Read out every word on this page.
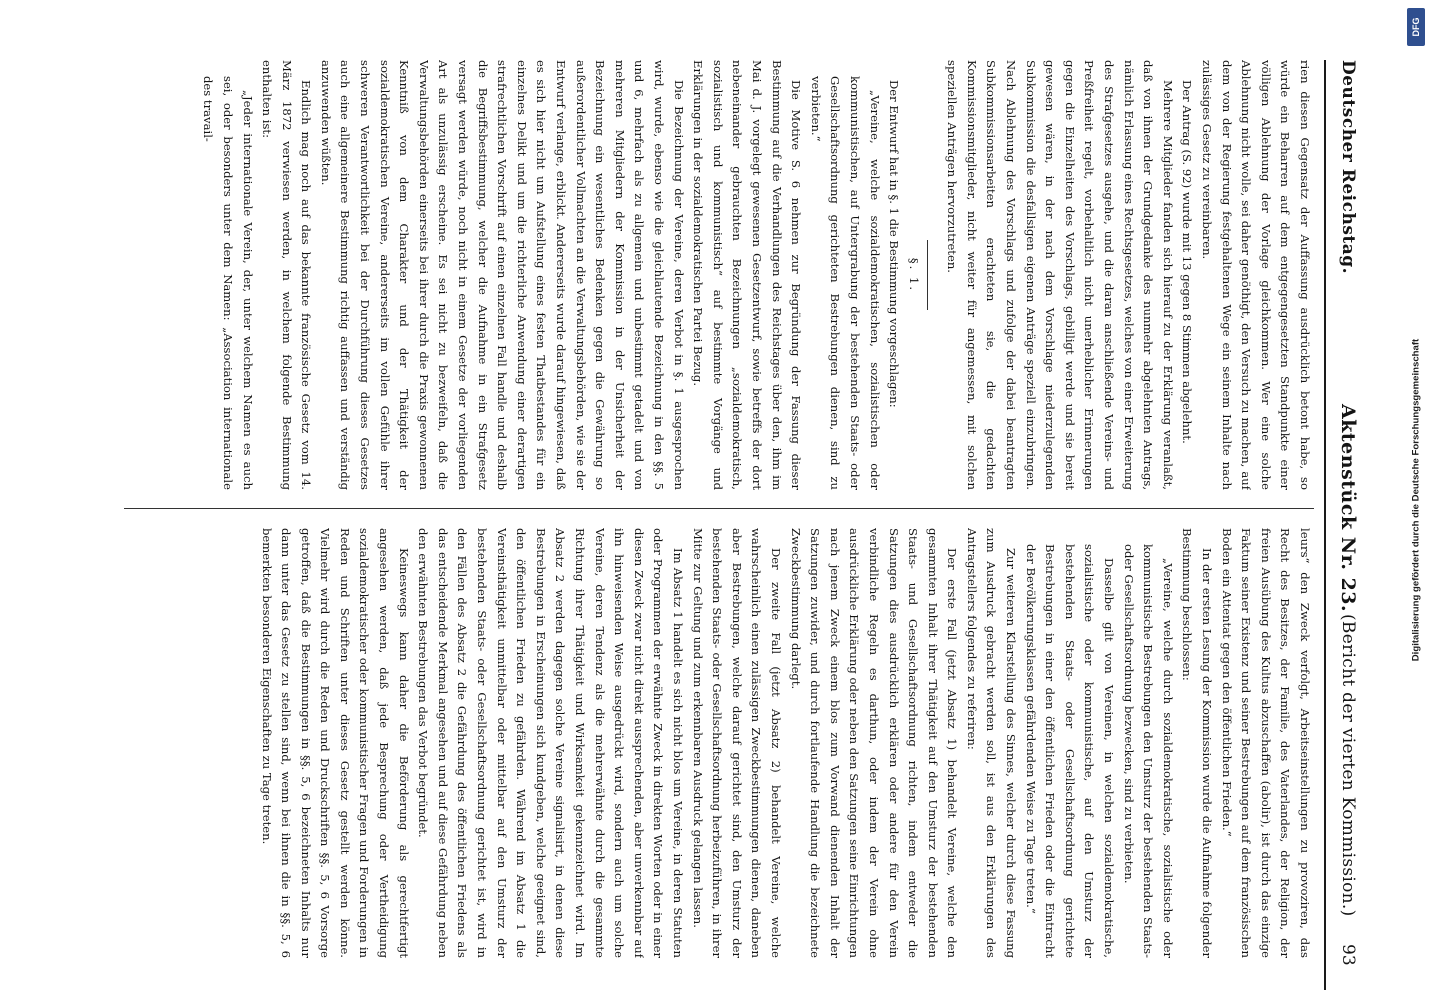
Deutscher Reichstag.
Aktenstück Nr. 23.
(Bericht der vierten Kommission.)
93

rien diesen Gegensatz der Auffassung ausdrücklich betont habe, so würde ein Beharren auf dem entgegengesetzten Standpunkte einer völligen Ablehnung der Vorlage gleichkommen. Wer eine solche Ablehnung nicht wolle, sei daher genöthigt, den Versuch zu machen, auf dem von der Regierung festgehaltenen Wege ein seinem Inhalte nach zulässiges Gesetz zu vereinbaren.

Der Antrag (S. 92) wurde mit 13 gegen 8 Stimmen abgelehnt.

Mehrere Mitglieder fanden sich hierauf zu der Erklärung veranlaßt, daß von ihnen der Grundgedanke des nunmehr abgelehnten Antrags, nämlich Erlassung eines Rechtsgesetzes, welches von einer Erweiterung des Strafgesetzes ausgehe, und die daran anschließende Vereins- und Preßfreiheit regelt, vorbehaltlich nicht unerheblicher Erinnerungen gegen die Einzelheiten des Vorschlags, gebilligt werde und sie bereit gewesen wären, in der nach dem Vorschlage niederzulegenden Subkommission die desfallsigen eigenen Anträge speziell einzubringen. Nach Ablehnung des Vorschlags und zufolge der dabei beantragten Subkommissionsarbeiten erachteten sie, die gedachten Kommissionsmitglieder, nicht weiter für angemessen, mit solchen speziellen Anträgen hervorzutreten.

§. 1.

Der Entwurf hat in §. 1 die Bestimmung vorgeschlagen:

„Vereine, welche sozialdemokratischen, sozialistischen oder kommunistischen, auf Untergrabung der bestehenden Staats- oder Gesellschaftsordnung gerichteten Bestrebungen dienen, sind zu verbieten.“

Die Motive S. 6 nehmen zur Begründung der Fassung dieser Bestimmung auf die Verhandlungen des Reichstages über den, ihm im Mai d. J. vorgelegt gewesenen Gesetzentwurf, sowie betreffs der dort nebeneinander gebrauchten Bezeichnungen „sozialdemokratisch, sozialistisch und kommunistisch“ auf bestimmte Vorgänge und Erklärungen in der sozialdemokratischen Partei Bezug.

Die Bezeichnung der Vereine, deren Verbot in §. 1 ausgesprochen wird, wurde, ebenso wie die gleichlautende Bezeichnung in den §§. 5 und 6, mehrfach als zu allgemein und unbestimmt getadelt und von mehreren Mitgliedern der Kommission in der Unsicherheit der Bezeichnung ein wesentliches Bedenken gegen die Gewährung so außerordentlicher Vollmachten an die Verwaltungsbehörden, wie sie der Entwurf verlange, erblickt. Andererseits wurde darauf hingewiesen, daß es sich hier nicht um Aufstellung eines festen Thatbestandes für ein einzelnes Delikt und um die richterliche Anwendung einer derartigen strafrechtlichen Vorschrift auf einen einzelnen Fall handle und deshalb die Begriffsbestimmung, welcher die Aufnahme in ein Strafgesetz versagt werden würde, noch nicht in einem Gesetze der vorliegenden Art als unzulässig erscheine. Es sei nicht zu bezweifeln, daß die Verwaltungsbehörden einerseits bei ihrer durch die Praxis gewonnenen Kenntniß von dem Charakter und der Thätigkeit der sozialdemokratischen Vereine, andererseits im vollen Gefühle ihrer schweren Verantwortlichkeit bei der Durchführung dieses Gesetzes auch eine allgemeinere Bestimmung richtig auffassen und verständig anzuwenden wüßten.

Endlich mag noch auf das bekannte französische Gesetz vom 14. März 1872 verwiesen werden, in welchem folgende Bestimmung enthalten ist:

„Jeder internationale Verein, der, unter welchem Namen es auch sei, oder besonders unter dem Namen: „Association internationale des travail-

leurs“ den Zweck verfolgt, Arbeitseinstellungen zu provoziren, das Recht des Besitzes, der Familie, des Vaterlandes, der Religion, der freien Ausübung des Kultus abzuschaffen (abolir), ist durch das einzige Faktum seiner Existenz und seiner Bestrebungen auf dem französischen Boden ein Attentat gegen den öffentlichen Frieden.“

In der ersten Lesung der Kommission wurde die Aufnahme folgender Bestimmung beschlossen:

„Vereine, welche durch sozialdemokratische, sozialistische oder kommunistische Bestrebungen den Umsturz der bestehenden Staats- oder Gesellschaftsordnung bezwecken, sind zu verbieten.

Dasselbe gilt von Vereinen, in welchen sozialdemokratische, sozialistische oder kommunistische, auf den Umsturz der bestehenden Staats- oder Gesellschaftsordnung gerichtete Bestrebungen in einer den öffentlichen Frieden oder die Eintracht der Bevölkerungsklassen gefährdenden Weise zu Tage treten.“

Zur weiteren Klarstellung des Sinnes, welcher durch diese Fassung zum Ausdruck gebracht werden soll, ist aus den Erklärungen des Antragstellers folgendes zu referiren:

Der erste Fall (jetzt Absatz 1) behandelt Vereine, welche den gesammten Inhalt ihrer Thätigkeit auf den Umsturz der bestehenden Staats- und Gesellschaftsordnung richten, indem entweder die Satzungen dies ausdrücklich erklären oder andere für den Verein verbindliche Regeln es darthun, oder indem der Verein ohne ausdrückliche Erklärung oder neben den Satzungen seine Einrichtungen nach jenem Zweck einem blos zum Vorwand dienenden Inhalt der Satzungen zuwider, und durch fortlaufende Handlung die bezeichnete Zweckbestimmung darlegt.

Der zweite Fall (jetzt Absatz 2) behandelt Vereine, welche wahrscheinlich einen zulässigen Zweckbestimmungen dienen, daneben aber Bestrebungen, welche darauf gerichtet sind, den Umsturz der bestehenden Staats- oder Gesellschaftsordnung herbeizuführen, in ihrer Mitte zur Geltung und zum erkennbaren Ausdruck gelangen lassen.

Im Absatz 1 handelt es sich nicht blos um Vereine, in deren Statuten oder Programmen der erwähnte Zweck in direkten Worten oder in einer diesen Zweck zwar nicht direkt aussprechenden, aber unverkennbar auf ihn hinweisenden Weise ausgedrückt wird, sondern auch um solche Vereine, deren Tendenz als die mehrerwähnte durch die gesammte Richtung ihrer Thätigkeit und Wirksamkeit gekennzeichnet wird. Im Absatz 2 werden dagegen solche Vereine signalisirt, in denen diese Bestrebungen in Erscheinungen sich kundgeben, welche geeignet sind, den öffentlichen Frieden zu gefährden. Während im Absatz 1 die Vereinsthätigkeit unmittelbar oder mittelbar auf den Umsturz der bestehenden Staats- oder Gesellschaftsordnung gerichtet ist, wird in den Fällen des Absatz 2 die Gefährdung des öffentlichen Friedens als das entscheidende Merkmal angesehen und auf diese Gefährdung neben den erwähnten Bestrebungen das Verbot begründet.

Keineswegs kann daher die Beförderung als gerechtfertigt angesehen werden, daß jede Besprechung oder Vertheidigung sozialdemokratischer oder kommunistischer Fragen und Forderungen in Reden und Schriften unter dieses Gesetz gestellt werden könne. Vielmehr wird durch die Reden und Druckschriften §§. 5, 6 Vorsorge getroffen, daß die Bestimmungen in §§. 5, 6 bezeichneten Inhalts nur dann unter das Gesetz zu stellen sind, wenn bei ihnen die in §§. 5, 6 bemerkten besonderen Eigenschaften zu Tage treten.

Digitalisierung gefördert durch die Deutsche Forschungsgemeinschaft
DFG
